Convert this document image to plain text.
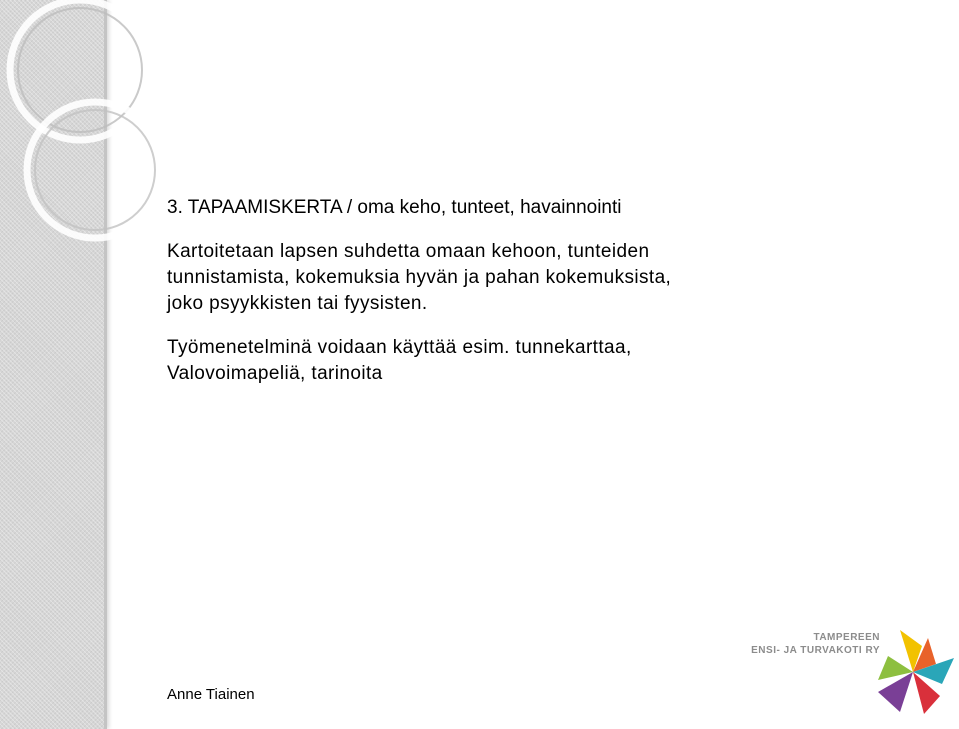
3. TAPAAMISKERTA / oma keho, tunteet, havainnointi
Kartoitetaan lapsen suhdetta omaan kehoon, tunteiden
tunnistamista, kokemuksia hyvän ja pahan kokemuksista,
joko psyykkisten tai fyysisten.
Työmenetelminä voidaan käyttää esim. tunnekarttaa,
Valovoimapeliä, tarinoita
Anne Tiainen
TAMPEREEN
ENSI- JA TURVAKOTI RY
